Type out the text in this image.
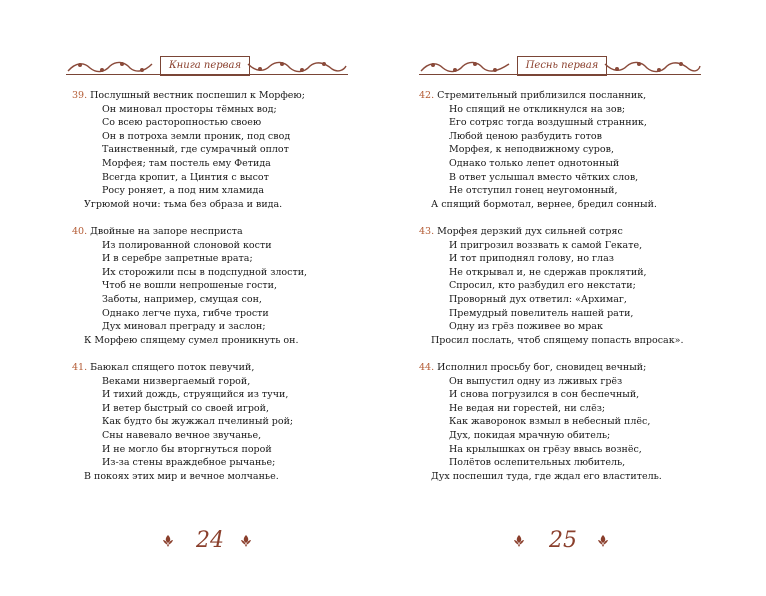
Книга первая
39. Послушный вестник поспешил к Морфею;
Он миновал просторы тёмных вод;
Со всею расторопностью своею
Он в потроха земли проник, под свод
Таинственный, где сумрачный оплот
Морфея; там постель ему Фетида
Всегда кропит, а Цинтия с высот
Росу роняет, а под ним хламида
Угрюмой ночи: тьма без образа и вида.
40. Двойные на запоре несприста
Из полированной слоновой кости
И в серебре запретные врата;
Их сторожили псы в подспудной злости,
Чтоб не вошли непрошеные гости,
Заботы, например, смущая сон,
Однако легче пуха, гибче трости
Дух миновал преграду и заслон;
К Морфею спящему сумел проникнуть он.
41. Баюкал спящего поток певучий,
Веками низвергаемый горой,
И тихий дождь, струящийся из тучи,
И ветер быстрый со своей игрой,
Как будто бы жужжал пчелиный рой;
Сны навевало вечное звучанье,
И не могло бы вторгнуться порой
Из-за стены враждебное рычанье;
В покоях этих мир и вечное молчанье.
24
Песнь первая
42. Стремительный приблизился посланник,
Но спящий не откликнулся на зов;
Его сотряс тогда воздушный странник,
Любой ценою разбудить готов
Морфея, к неподвижному суров,
Однако только лепет однотонный
В ответ услышал вместо чётких слов,
Не отступил гонец неугомонный,
А спящий бормотал, вернее, бредил сонный.
43. Морфея дерзкий дух сильней сотряс
И пригрозил воззвать к самой Гекате,
И тот приподнял голову, но глаз
Не открывал и, не сдержав проклятий,
Спросил, кто разбудил его некстати;
Проворный дух ответил: «Архимаг,
Премудрый повелитель нашей рати,
Одну из грёз поживее во мрак
Просил послать, чтоб спящему попасть впросак».
44. Исполнил просьбу бог, сновидец вечный;
Он выпустил одну из лживых грёз
И снова погрузился в сон беспечный,
Не ведая ни горестей, ни слёз;
Как жаворонок взмыл в небесный плёс,
Дух, покидая мрачную обитель;
На крылышках он грёзу ввысь вознёс,
Полётов ослепительных любитель,
Дух поспешил туда, где ждал его властитель.
25
